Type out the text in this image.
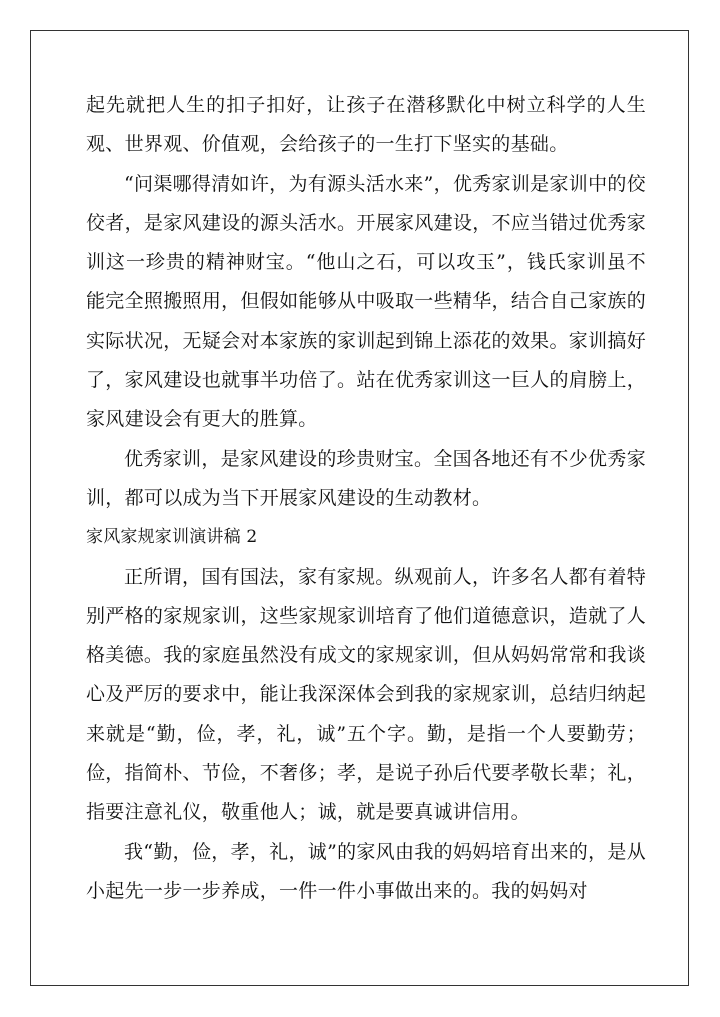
起先就把人生的扣子扣好，让孩子在潜移默化中树立科学的人生观、世界观、价值观，会给孩子的一生打下坚实的基础。

“问渠哪得清如许，为有源头活水来”，优秀家训是家训中的佼佼者，是家风建设的源头活水。开展家风建设，不应当错过优秀家训这一珍贵的精神财宝。“他山之石，可以攻玉”，钱氏家训虽不能完全照搬照用，但假如能够从中吸取一些精华，结合自己家族的实际状况，无疑会对本家族的家训起到锦上添花的效果。家训搞好了，家风建设也就事半功倍了。站在优秀家训这一巨人的肩膀上，家风建设会有更大的胜算。

优秀家训，是家风建设的珍贵财宝。全国各地还有不少优秀家训，都可以成为当下开展家风建设的生动教材。

家风家规家训演讲稿 2

正所谓，国有国法，家有家规。纵观前人，许多名人都有着特别严格的家规家训，这些家规家训培育了他们道德意识，造就了人格美德。我的家庭虽然没有成文的家规家训，但从妈妈常常和我谈心及严厉的要求中，能让我深深体会到我的家规家训，总结归纳起来就是“勤，俭，孝，礼，诚”五个字。勤，是指一个人要勤劳；俭，指简朴、节俭，不奢侈；孝，是说子孙后代要孝敬长辈；礼，指要注意礼仪，敬重他人；诚，就是要真诚讲信用。

我“勤，俭，孝，礼，诚”的家风由我的妈妈培育出来的，是从小起先一步一步养成，一件一件小事做出来的。我的妈妈对
